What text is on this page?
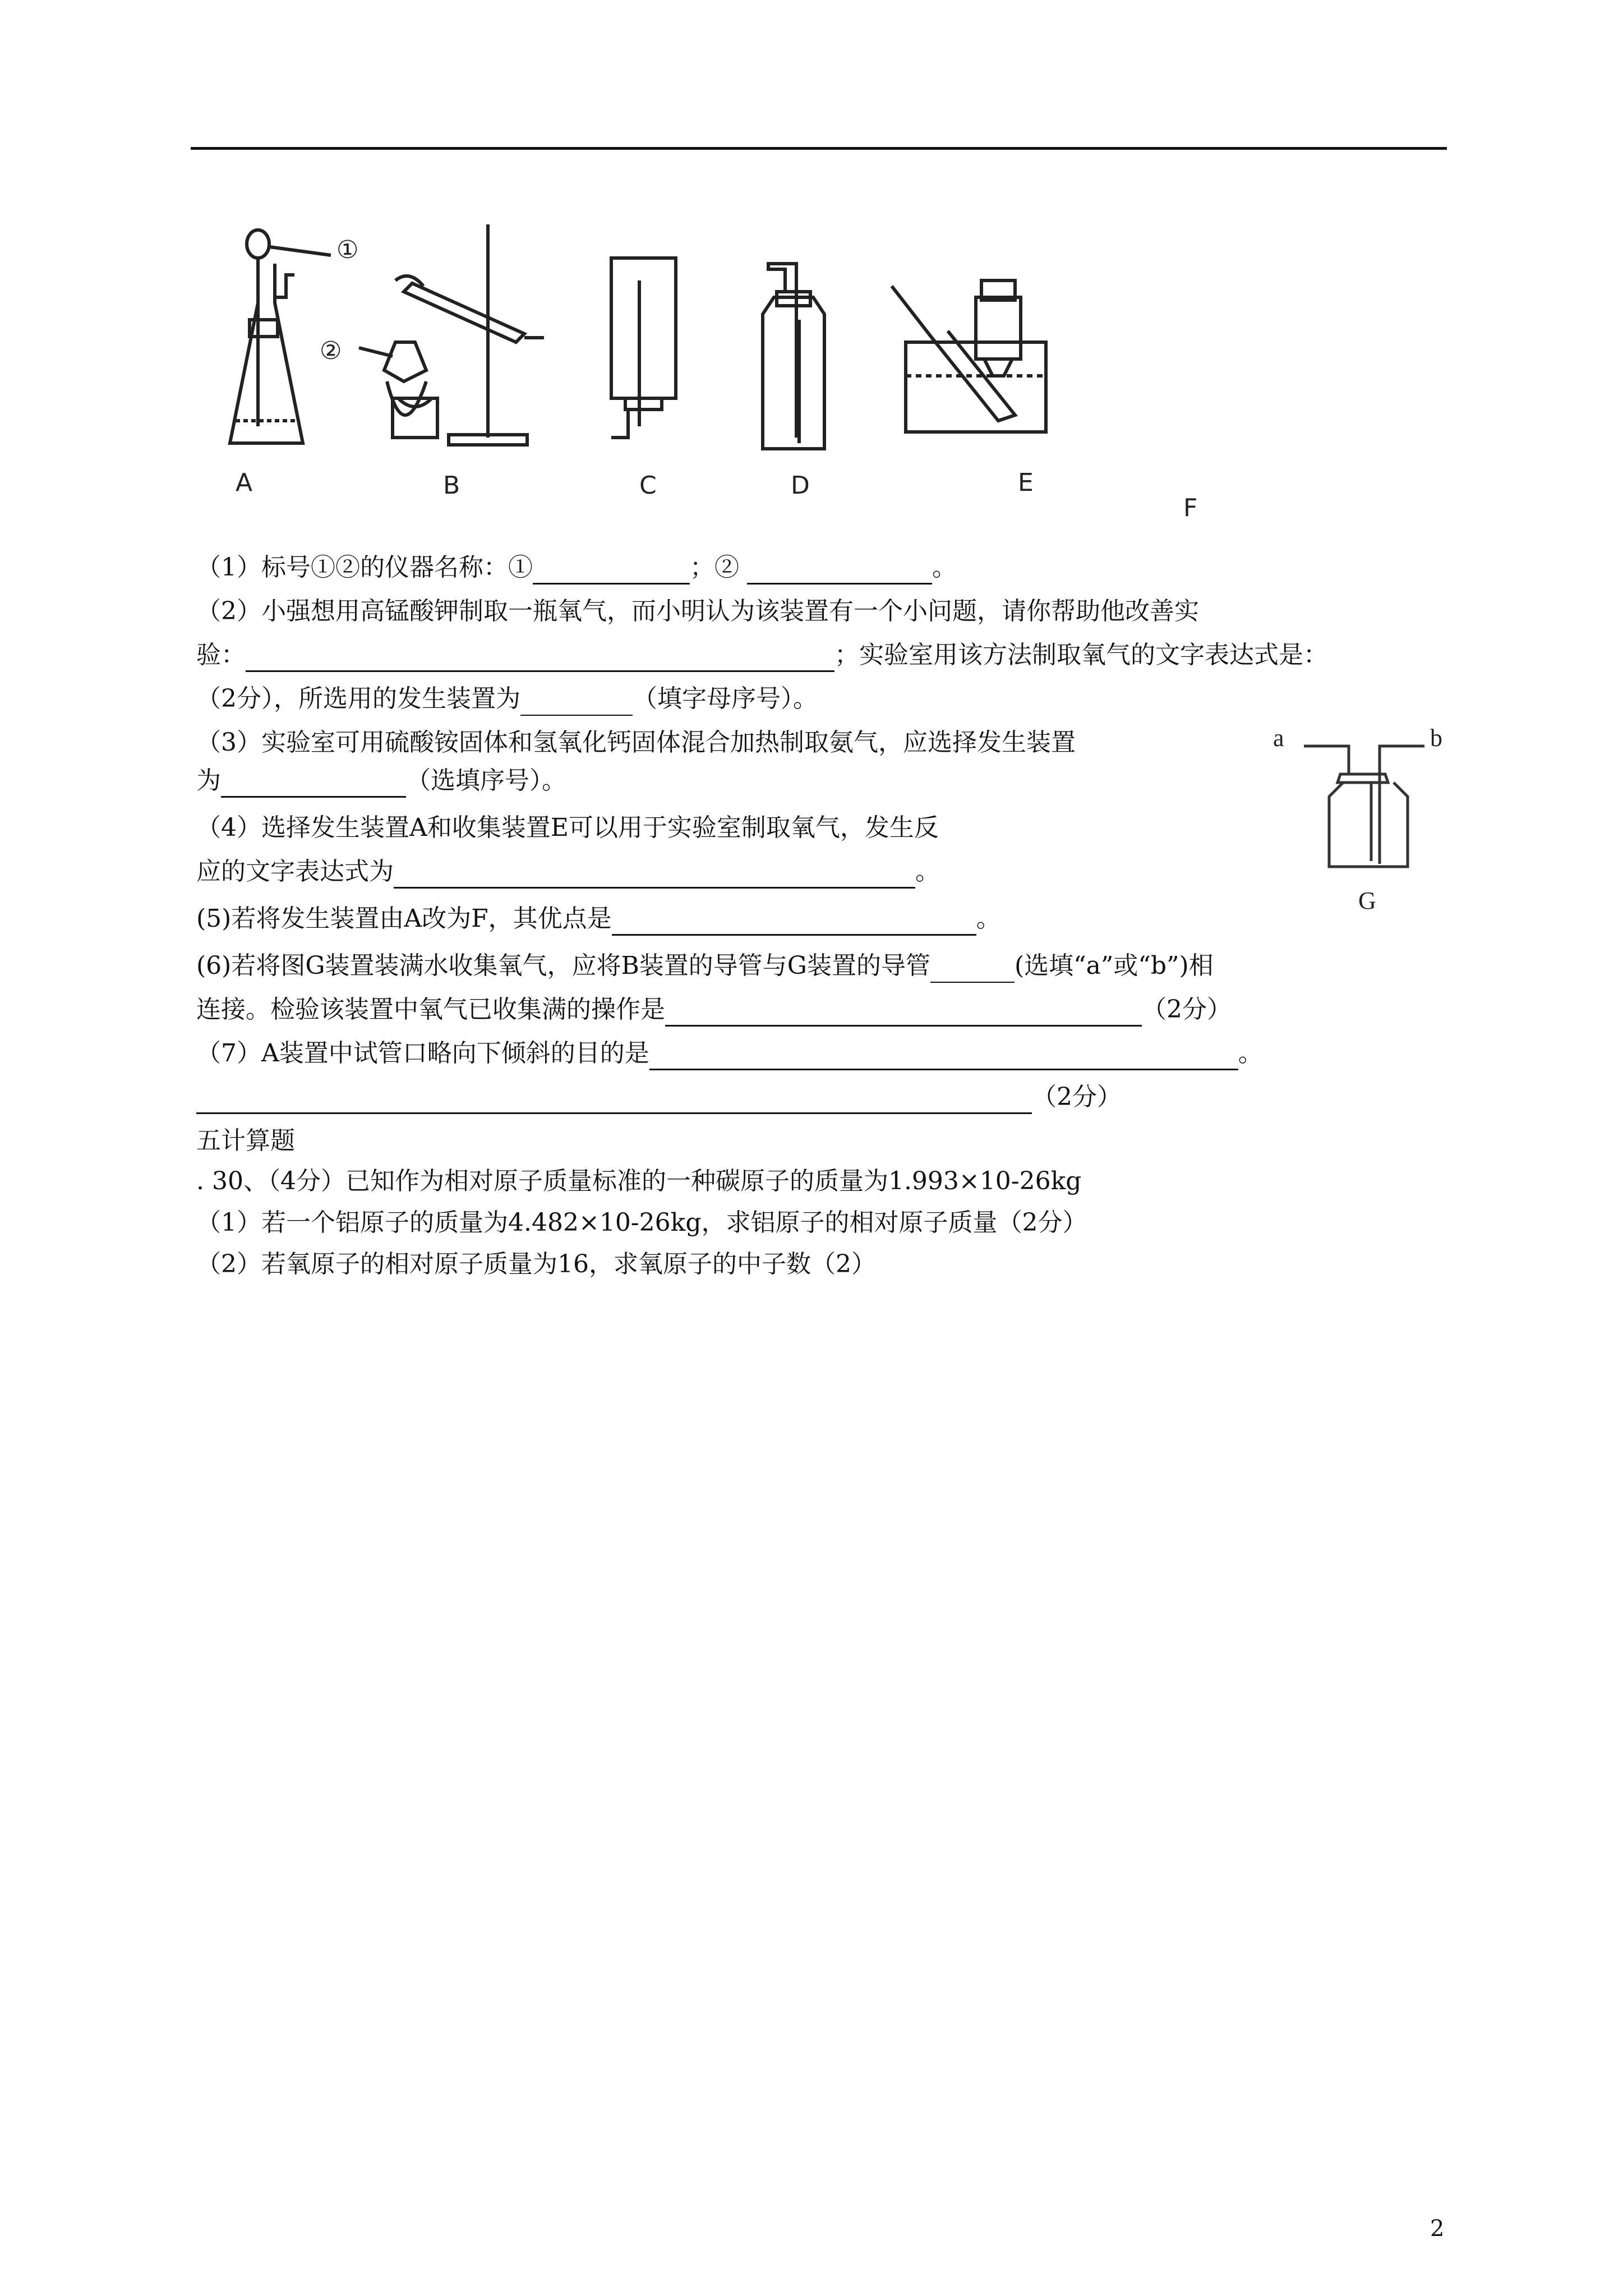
A	B	C	D	E
F
①
②
a	b
G
（1）标号①②的仪器名称：①	；②	。
（2）小强想用高锰酸钾制取一瓶氧气，而小明认为该装置有一个小问题，请你帮助他改善实
验：	；实验室用该方法制取氧气的文字表达式是：
（2分），所选用的发生装置为	（填字母序号）。
（3）实验室可用硫酸铵固体和氢氧化钙固体混合加热制取氨气，应选择发生装置
为	（选填序号）。
（4）选择发生装置A和收集装置E可以用于实验室制取氧气，发生反
应的文字表达式为	。
(5)若将发生装置由A改为F，其优点是	。
(6)若将图G装置装满水收集氧气，应将B装置的导管与G装置的导管	(选填“a”或“b”)相
连接。检验该装置中氧气已收集满的操作是	（2分）
（7）A装置中试管口略向下倾斜的目的是	。
（2分）
五计算题
. 30、（4分）已知作为相对原子质量标准的一种碳原子的质量为1.993×10-26kg
（1）若一个铝原子的质量为4.482×10-26kg，求铝原子的相对原子质量（2分）
（2）若氧原子的相对原子质量为16，求氧原子的中子数（2）
2
